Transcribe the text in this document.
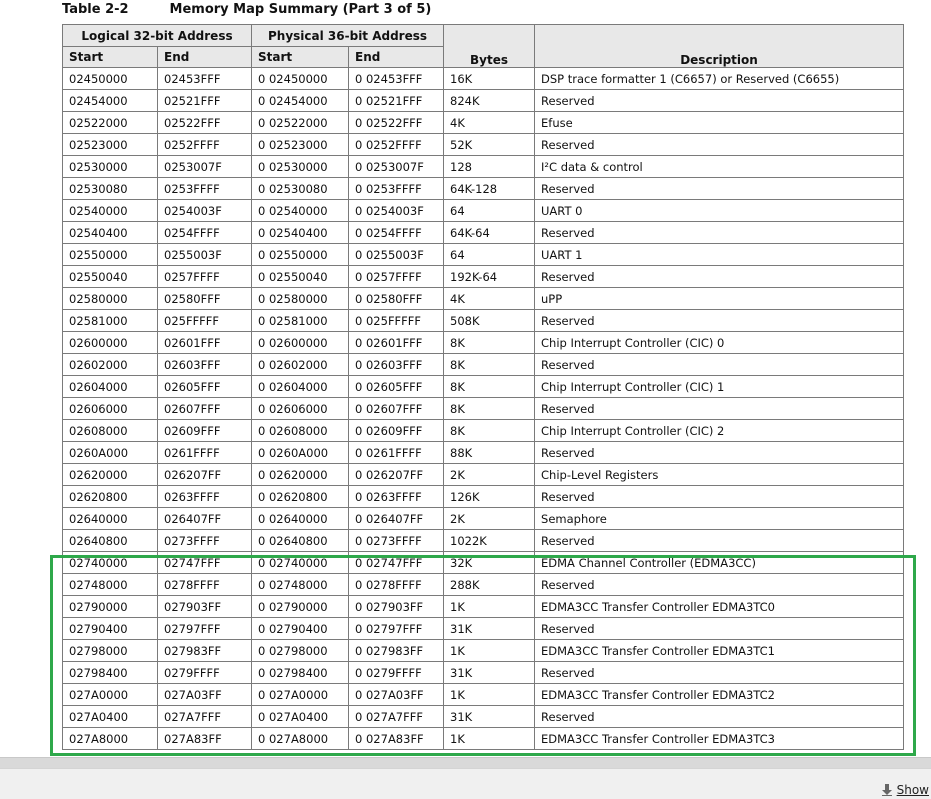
Table 2-2	Memory Map Summary (Part 3 of 5)
Logical 32-bit Address		Physical 36-bit Address		Bytes	Description
Start	End	Start	End		
02450000	02453FFF	0 02450000	0 02453FFF	16K	DSP trace formatter 1 (C6657) or Reserved (C6655)
02454000	02521FFF	0 02454000	0 02521FFF	824K	Reserved
02522000	02522FFF	0 02522000	0 02522FFF	4K	Efuse
02523000	0252FFFF	0 02523000	0 0252FFFF	52K	Reserved
02530000	0253007F	0 02530000	0 0253007F	128	I²C data & control
02530080	0253FFFF	0 02530080	0 0253FFFF	64K-128	Reserved
02540000	0254003F	0 02540000	0 0254003F	64	UART 0
02540400	0254FFFF	0 02540400	0 0254FFFF	64K-64	Reserved
02550000	0255003F	0 02550000	0 0255003F	64	UART 1
02550040	0257FFFF	0 02550040	0 0257FFFF	192K-64	Reserved
02580000	02580FFF	0 02580000	0 02580FFF	4K	uPP
02581000	025FFFFF	0 02581000	0 025FFFFF	508K	Reserved
02600000	02601FFF	0 02600000	0 02601FFF	8K	Chip Interrupt Controller (CIC) 0
02602000	02603FFF	0 02602000	0 02603FFF	8K	Reserved
02604000	02605FFF	0 02604000	0 02605FFF	8K	Chip Interrupt Controller (CIC) 1
02606000	02607FFF	0 02606000	0 02607FFF	8K	Reserved
02608000	02609FFF	0 02608000	0 02609FFF	8K	Chip Interrupt Controller (CIC) 2
0260A000	0261FFFF	0 0260A000	0 0261FFFF	88K	Reserved
02620000	026207FF	0 02620000	0 026207FF	2K	Chip-Level Registers
02620800	0263FFFF	0 02620800	0 0263FFFF	126K	Reserved
02640000	026407FF	0 02640000	0 026407FF	2K	Semaphore
02640800	0273FFFF	0 02640800	0 0273FFFF	1022K	Reserved
02740000	02747FFF	0 02740000	0 02747FFF	32K	EDMA Channel Controller (EDMA3CC)
02748000	0278FFFF	0 02748000	0 0278FFFF	288K	Reserved
02790000	027903FF	0 02790000	0 027903FF	1K	EDMA3CC Transfer Controller EDMA3TC0
02790400	02797FFF	0 02790400	0 02797FFF	31K	Reserved
02798000	027983FF	0 02798000	0 027983FF	1K	EDMA3CC Transfer Controller EDMA3TC1
02798400	0279FFFF	0 02798400	0 0279FFFF	31K	Reserved
027A0000	027A03FF	0 027A0000	0 027A03FF	1K	EDMA3CC Transfer Controller EDMA3TC2
027A0400	027A7FFF	0 027A0400	0 027A7FFF	31K	Reserved
027A8000	027A83FF	0 027A8000	0 027A83FF	1K	EDMA3CC Transfer Controller EDMA3TC3
Show
